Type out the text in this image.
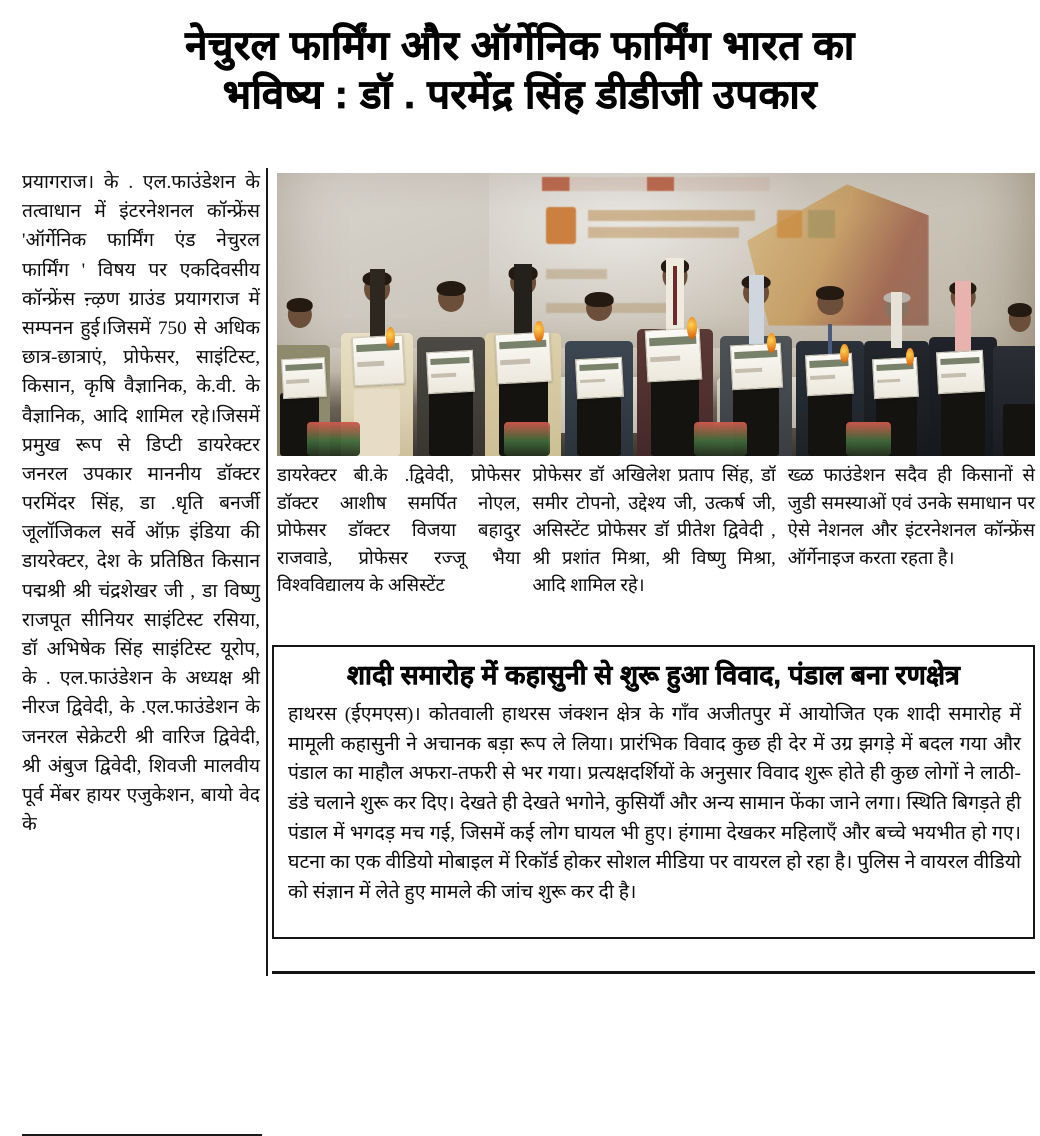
नेचुरल फार्मिंग और ऑर्गेनिक फार्मिंग भारत का
भविष्य : डॉ . परमेंद्र सिंह डीडीजी उपकार

प्रयागराज। के . एल.फाउंडेशन के तत्वाधान में इंटरनेशनल कॉन्फ्रेंस 'ऑर्गेनिक फार्मिंग एंड नेचुरल फार्मिंग ' विषय पर एकदिवसीय कॉन्फ्रेंस ऩ्ऴण ग्राउंड प्रयागराज में सम्पनन हुई।जिसमें 750 से अधिक छात्र-छात्राएं, प्रोफेसर, साइंटिस्ट, किसान, कृषि वैज्ञानिक, के.वी. के वैज्ञानिक, आदि शामिल रहे।जिसमें प्रमुख रूप से डिप्टी डायरेक्टर जनरल उपकार माननीय डॉक्टर परमिंदर सिंह, डा .धृति बनर्जी जूलॉजिकल सर्वे ऑफ़ इंडिया की डायरेक्टर, देश के प्रतिष्ठित किसान पद्मश्री श्री चंद्रशेखर जी , डा विष्णु राजपूत सीनियर साइंटिस्ट रसिया, डॉ अभिषेक सिंह साइंटिस्ट यूरोप, के . एल.फाउंडेशन के अध्यक्ष श्री नीरज द्विवेदी, के .एल.फाउंडेशन के जनरल सेक्रेटरी श्री वारिज द्विवेदी, श्री अंबुज द्विवेदी, शिवजी मालवीय पूर्व मेंबर हायर एजुकेशन, बायो वेद के

डायरेक्टर बी.के .द्विवेदी, प्रोफेसर डॉक्टर आशीष समर्पित नोएल, प्रोफेसर डॉक्टर विजया बहादुर राजवाडे, प्रोफेसर रज्जू भैया विश्वविद्यालय के असिस्टेंट

प्रोफेसर डॉ अखिलेश प्रताप सिंह, डॉ समीर टोपनो, उद्देश्य जी, उत्कर्ष जी, असिस्टेंट प्रोफेसर डॉ प्रीतेश द्विवेदी , श्री प्रशांत मिश्रा, श्री विष्णु मिश्रा, आदि शामिल रहे।

ख्ळ फाउंडेशन सदैव ही किसानों से जुडी समस्याओं एवं उनके समाधान पर ऐसे नेशनल और इंटरनेशनल कॉन्फ्रेंस ऑर्गेनाइज करता रहता है।

शादी समारोह में कहासुनी से शुरू हुआ विवाद, पंडाल बना रणक्षेत्र

हाथरस (ईएमएस)। कोतवाली हाथरस जंक्शन क्षेत्र के गाँव अजीतपुर में आयोजित एक शादी समारोह में मामूली कहासुनी ने अचानक बड़ा रूप ले लिया। प्रारंभिक विवाद कुछ ही देर में उग्र झगड़े में बदल गया और पंडाल का माहौल अफरा-तफरी से भर गया। प्रत्यक्षदर्शियों के अनुसार विवाद शुरू होते ही कुछ लोगों ने लाठी-डंडे चलाने शुरू कर दिए। देखते ही देखते भगोने, कुसिर्यॉं और अन्य सामान फेंका जाने लगा। स्थिति बिगड़ते ही पंडाल में भगदड़ मच गई, जिसमें कई लोग घायल भी हुए। हंगामा देखकर महिलाऍं और बच्चे भयभीत हो गए। घटना का एक वीडियो मोबाइल में रिकॉर्ड होकर सोशल मीडिया पर वायरल हो रहा है। पुलिस ने वायरल वीडियो को संज्ञान में लेते हुए मामले की जांच शुरू कर दी है।
